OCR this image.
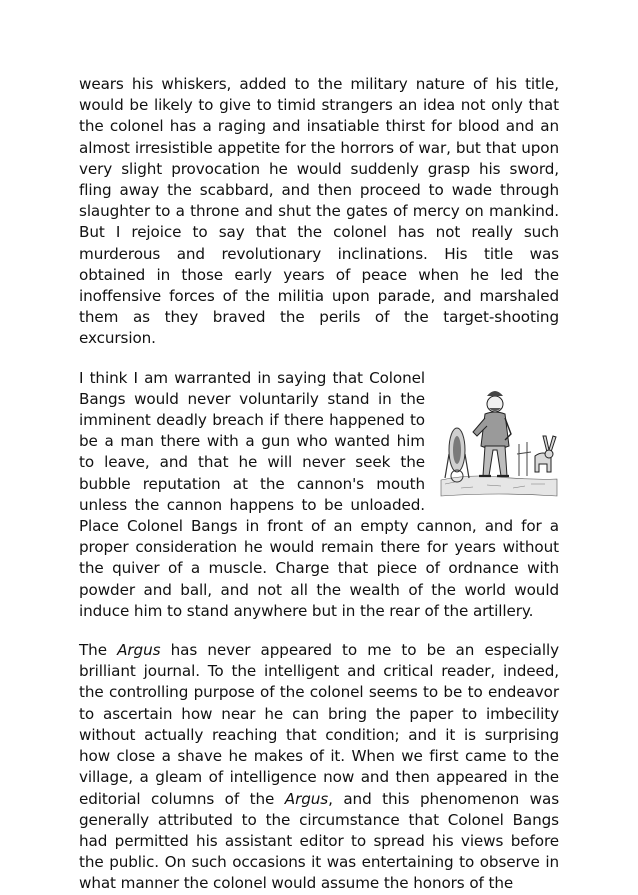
wears his whiskers, added to the military nature of his title, would be likely to give to timid strangers an idea not only that the colonel has a raging and insatiable thirst for blood and an almost irresistible appetite for the horrors of war, but that upon very slight provocation he would suddenly grasp his sword, fling away the scabbard, and then proceed to wade through slaughter to a throne and shut the gates of mercy on mankind. But I rejoice to say that the colonel has not really such murderous and revolutionary inclinations. His title was obtained in those early years of peace when he led the inoffensive forces of the militia upon parade, and marshaled them as they braved the perils of the target-shooting excursion.

I think I am warranted in saying that Colonel Bangs would never voluntarily stand in the imminent deadly breach if there happened to be a man there with a gun who wanted him to leave, and that he will never seek the bubble reputation at the cannon's mouth unless the cannon happens to be unloaded. Place Colonel Bangs in front of an empty cannon, and for a proper consideration he would remain there for years without the quiver of a muscle. Charge that piece of ordnance with powder and ball, and not all the wealth of the world would induce him to stand anywhere but in the rear of the artillery.

The Argus has never appeared to me to be an especially brilliant journal. To the intelligent and critical reader, indeed, the controlling purpose of the colonel seems to be to endeavor to ascertain how near he can bring the paper to imbecility without actually reaching that condition; and it is surprising how close a shave he makes of it. When we first came to the village, a gleam of intelligence now and then appeared in the editorial columns of the Argus, and this phenomenon was generally attributed to the circumstance that Colonel Bangs had permitted his assistant editor to spread his views before the public. On such occasions it was entertaining to observe in what manner the colonel would assume the honors of the
